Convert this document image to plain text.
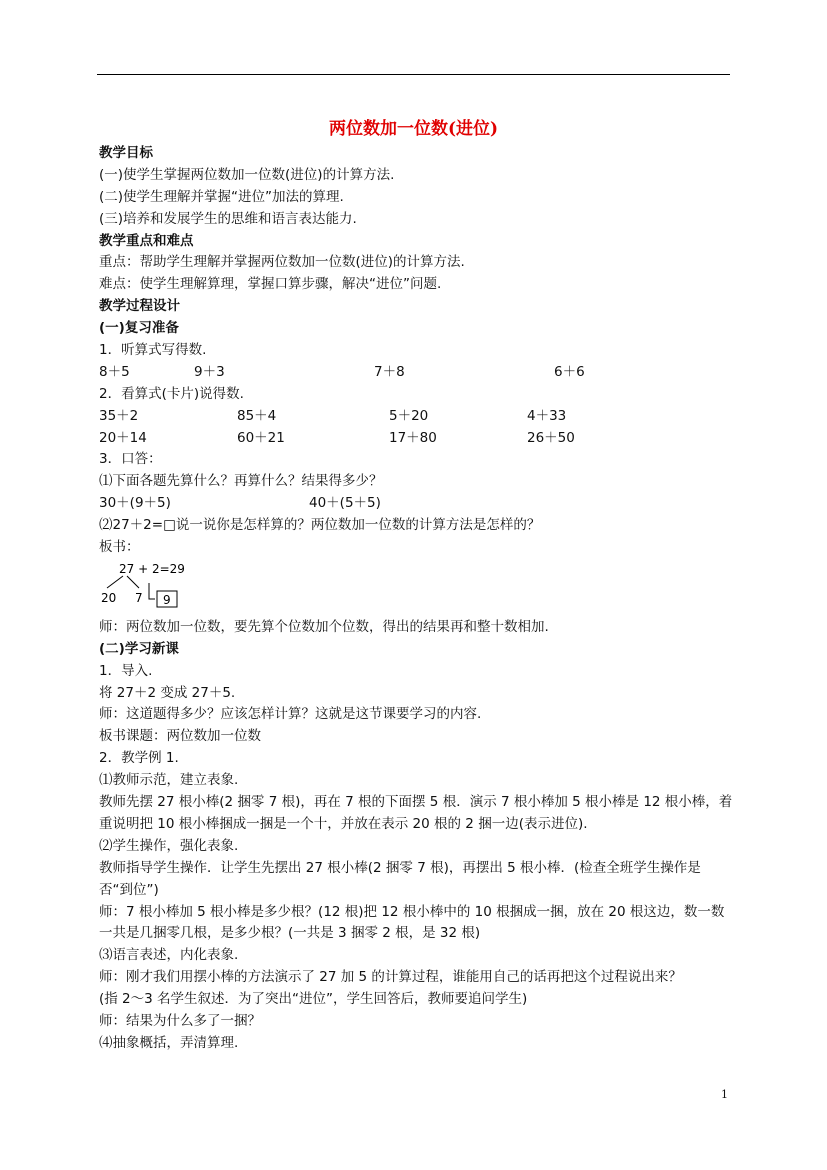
两位数加一位数(进位)
教学目标
(一)使学生掌握两位数加一位数(进位)的计算方法.
(二)使学生理解并掌握“进位”加法的算理.
(三)培养和发展学生的思维和语言表达能力.
教学重点和难点
重点：帮助学生理解并掌握两位数加一位数(进位)的计算方法.
难点：使学生理解算理，掌握口算步骤，解决“进位”问题.
教学过程设计
(一)复习准备
1．听算式写得数.
8＋5	9＋3	7＋8	6＋6
2．看算式(卡片)说得数.
35＋2	85＋4	5＋20	4＋33
20＋14	60＋21	17＋80	26＋50
3．口答：
⑴下面各题先算什么？再算什么？结果得多少？
30＋(9＋5)	40＋(5＋5)
⑵27＋2=□说一说你是怎样算的？两位数加一位数的计算方法是怎样的？
板书：
27 + 2=29
20 7 9
师：两位数加一位数，要先算个位数加个位数，得出的结果再和整十数相加.
(二)学习新课
1．导入.
将 27＋2 变成 27＋5.
师：这道题得多少？应该怎样计算？这就是这节课要学习的内容.
板书课题：两位数加一位数
2．教学例 1.
⑴教师示范，建立表象.
教师先摆 27 根小棒(2 捆零 7 根)，再在 7 根的下面摆 5 根．演示 7 根小棒加 5 根小棒是 12 根小棒，着重说明把 10 根小棒捆成一捆是一个十，并放在表示 20 根的 2 捆一边(表示进位).
⑵学生操作，强化表象.
教师指导学生操作．让学生先摆出 27 根小棒(2 捆零 7 根)，再摆出 5 根小棒．(检查全班学生操作是否“到位”)
师：7 根小棒加 5 根小棒是多少根？(12 根)把 12 根小棒中的 10 根捆成一捆，放在 20 根这边，数一数一共是几捆零几根，是多少根？(一共是 3 捆零 2 根，是 32 根)
⑶语言表述，内化表象.
师：刚才我们用摆小棒的方法演示了 27 加 5 的计算过程，谁能用自己的话再把这个过程说出来？
(指 2～3 名学生叙述．为了突出“进位”，学生回答后，教师要追问学生)
师：结果为什么多了一捆？
⑷抽象概括，弄清算理.
1
